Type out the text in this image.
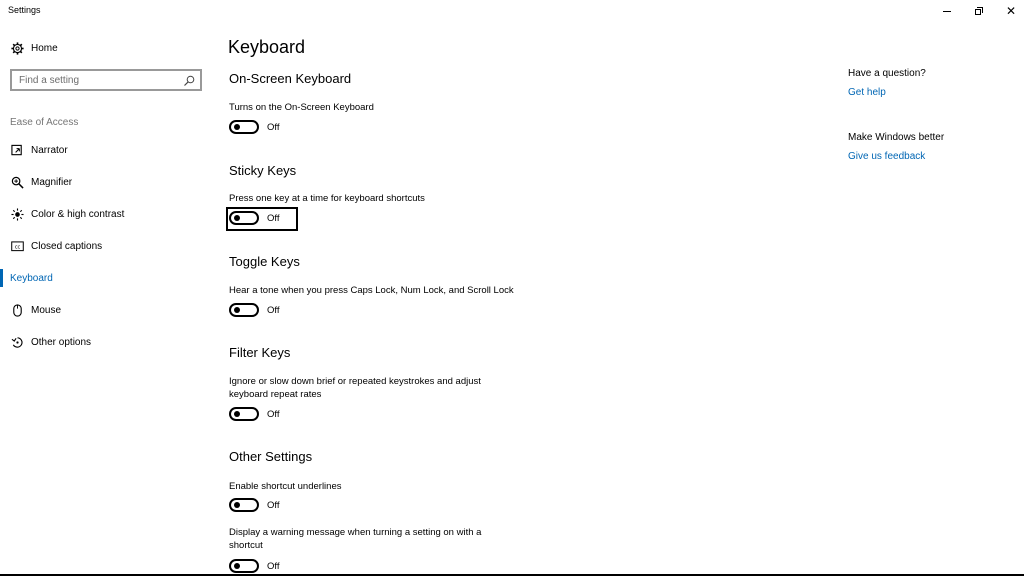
Settings	✕
Home
Find a setting
Ease of Access
Narrator
Magnifier
Color & high contrast
cc Closed captions
Keyboard
Mouse
Other options
Keyboard
On-Screen Keyboard
Turns on the On-Screen Keyboard
Off
Sticky Keys
Press one key at a time for keyboard shortcuts
Off
Toggle Keys
Hear a tone when you press Caps Lock, Num Lock, and Scroll Lock
Off
Filter Keys
Ignore or slow down brief or repeated keystrokes and adjust
keyboard repeat rates
Off
Other Settings
Enable shortcut underlines
Off
Display a warning message when turning a setting on with a
shortcut
Off
Have a question?
Get help
Make Windows better
Give us feedback
